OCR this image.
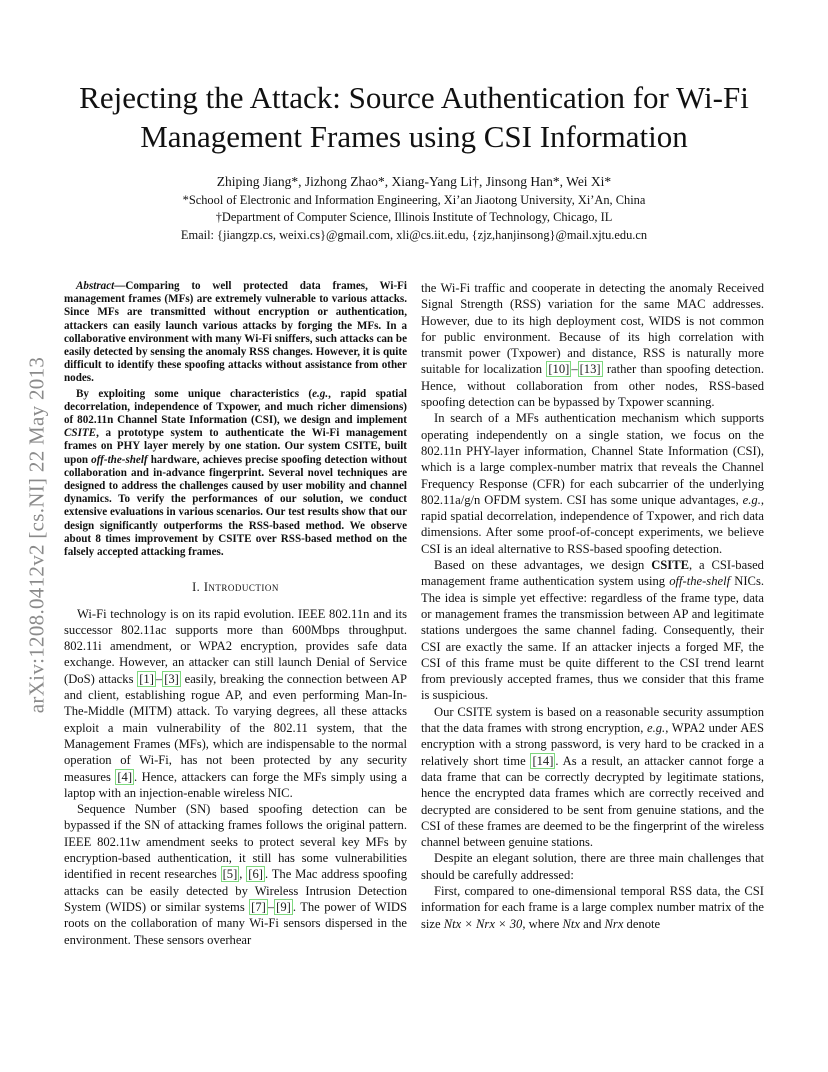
arXiv:1208.0412v2 [cs.NI] 22 May 2013
Rejecting the Attack: Source Authentication for Wi-Fi Management Frames using CSI Information
Zhiping Jiang*, Jizhong Zhao*, Xiang-Yang Li†, Jinsong Han*, Wei Xi*
*School of Electronic and Information Engineering, Xi’an Jiaotong University, Xi’An, China
†Department of Computer Science, Illinois Institute of Technology, Chicago, IL
Email: {jiangzp.cs, weixi.cs}@gmail.com, xli@cs.iit.edu, {zjz,hanjinsong}@mail.xjtu.edu.cn

Abstract—Comparing to well protected data frames, Wi-Fi management frames (MFs) are extremely vulnerable to various attacks. Since MFs are transmitted without encryption or authentication, attackers can easily launch various attacks by forging the MFs. In a collaborative environment with many Wi-Fi sniffers, such attacks can be easily detected by sensing the anomaly RSS changes. However, it is quite difficult to identify these spoofing attacks without assistance from other nodes.

By exploiting some unique characteristics (e.g., rapid spatial decorrelation, independence of Txpower, and much richer dimensions) of 802.11n Channel State Information (CSI), we design and implement CSITE, a prototype system to authenticate the Wi-Fi management frames on PHY layer merely by one station. Our system CSITE, built upon off-the-shelf hardware, achieves precise spoofing detection without collaboration and in-advance fingerprint. Several novel techniques are designed to address the challenges caused by user mobility and channel dynamics. To verify the performances of our solution, we conduct extensive evaluations in various scenarios. Our test results show that our design significantly outperforms the RSS-based method. We observe about 8 times improvement by CSITE over RSS-based method on the falsely accepted attacking frames.

I. Introduction

Wi-Fi technology is on its rapid evolution. IEEE 802.11n and its successor 802.11ac supports more than 600Mbps throughput. 802.11i amendment, or WPA2 encryption, provides safe data exchange. However, an attacker can still launch Denial of Service (DoS) attacks [1] – [3] easily, breaking the connection between AP and client, establishing rogue AP, and even performing Man-In-The-Middle (MITM) attack. To varying degrees, all these attacks exploit a main vulnerability of the 802.11 system, that the Management Frames (MFs), which are indispensable to the normal operation of Wi-Fi, has not been protected by any security measures [4] . Hence, attackers can forge the MFs simply using a laptop with an injection-enable wireless NIC.

Sequence Number (SN) based spoofing detection can be bypassed if the SN of attacking frames follows the original pattern. IEEE 802.11w amendment seeks to protect several key MFs by encryption-based authentication, it still has some vulnerabilities identified in recent researches [5] , [6] . The Mac address spoofing attacks can be easily detected by Wireless Intrusion Detection System (WIDS) or similar systems [7] – [9] . The power of WIDS roots on the collaboration of many Wi-Fi sensors dispersed in the environment. These sensors overhear

the Wi-Fi traffic and cooperate in detecting the anomaly Received Signal Strength (RSS) variation for the same MAC addresses. However, due to its high deployment cost, WIDS is not common for public environment. Because of its high correlation with transmit power (Txpower) and distance, RSS is naturally more suitable for localization [10] – [13] rather than spoofing detection. Hence, without collaboration from other nodes, RSS-based spoofing detection can be bypassed by Txpower scanning.

In search of a MFs authentication mechanism which supports operating independently on a single station, we focus on the 802.11n PHY-layer information, Channel State Information (CSI), which is a large complex-number matrix that reveals the Channel Frequency Response (CFR) for each subcarrier of the underlying 802.11a/g/n OFDM system. CSI has some unique advantages, e.g., rapid spatial decorrelation, independence of Txpower, and rich data dimensions. After some proof-of-concept experiments, we believe CSI is an ideal alternative to RSS-based spoofing detection.

Based on these advantages, we design CSITE, a CSI-based management frame authentication system using off-the-shelf NICs. The idea is simple yet effective: regardless of the frame type, data or management frames the transmission between AP and legitimate stations undergoes the same channel fading. Consequently, their CSI are exactly the same. If an attacker injects a forged MF, the CSI of this frame must be quite different to the CSI trend learnt from previously accepted frames, thus we consider that this frame is suspicious.

Our CSITE system is based on a reasonable security assumption that the data frames with strong encryption, e.g., WPA2 under AES encryption with a strong password, is very hard to be cracked in a relatively short time [14] . As a result, an attacker cannot forge a data frame that can be correctly decrypted by legitimate stations, hence the encrypted data frames which are correctly received and decrypted are considered to be sent from genuine stations, and the CSI of these frames are deemed to be the fingerprint of the wireless channel between genuine stations.

Despite an elegant solution, there are three main challenges that should be carefully addressed:

First, compared to one-dimensional temporal RSS data, the CSI information for each frame is a large complex number matrix of the size Ntx × Nrx × 30, where Ntx and Nrx denote
